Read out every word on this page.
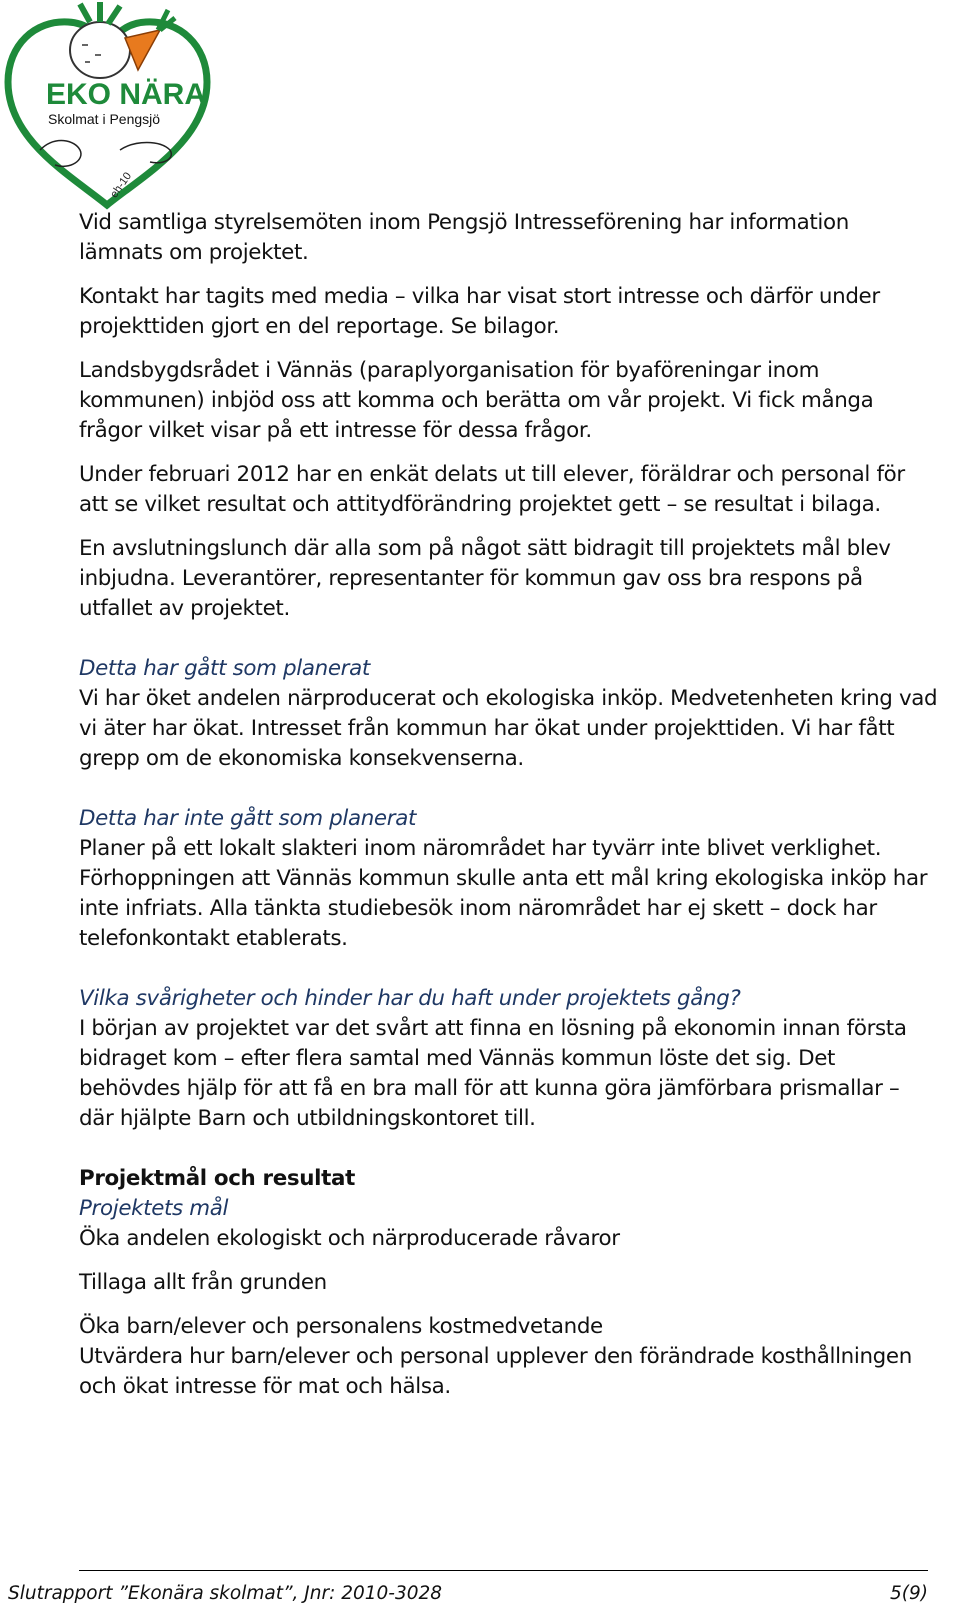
EKO NÄRA
Skolmat i Pengsjö
eh-10

Vid samtliga styrelsemöten inom Pengsjö Intresseförening har information lämnats om projektet.

Kontakt har tagits med media – vilka har visat stort intresse och därför under projekttiden gjort en del reportage. Se bilagor.

Landsbygdsrådet i Vännäs (paraplyorganisation för byaföreningar inom kommunen) inbjöd oss att komma och berätta om vår projekt. Vi fick många frågor vilket visar på ett intresse för dessa frågor.

Under februari 2012 har en enkät delats ut till elever, föräldrar och personal för att se vilket resultat och attitydförändring projektet gett – se resultat i bilaga.

En avslutningslunch där alla som på något sätt bidragit till projektets mål blev inbjudna. Leverantörer, representanter för kommun gav oss bra respons på utfallet av projektet.

Detta har gått som planerat

Vi har öket andelen närproducerat och ekologiska inköp. Medvetenheten kring vad vi äter har ökat. Intresset från kommun har ökat under projekttiden. Vi har fått grepp om de ekonomiska konsekvenserna.

Detta har inte gått som planerat

Planer på ett lokalt slakteri inom närområdet har tyvärr inte blivet verklighet. Förhoppningen att Vännäs kommun skulle anta ett mål kring ekologiska inköp har inte infriats. Alla tänkta studiebesök inom närområdet har ej skett – dock har telefonkontakt etablerats.

Vilka svårigheter och hinder har du haft under projektets gång?

I början av projektet var det svårt att finna en lösning på ekonomin innan första bidraget kom – efter flera samtal med Vännäs kommun löste det sig. Det behövdes hjälp för att få en bra mall för att kunna göra jämförbara prismallar – där hjälpte Barn och utbildningskontoret till.

Projektmål och resultat

Projektets mål

Öka andelen ekologiskt och närproducerade råvaror

Tillaga allt från grunden

Öka barn/elever och personalens kostmedvetande

Utvärdera hur barn/elever och personal upplever den förändrade kosthållningen och ökat intresse för mat och hälsa.

Slutrapport ”Ekonära skolmat”, Jnr: 2010-3028	5(9)
